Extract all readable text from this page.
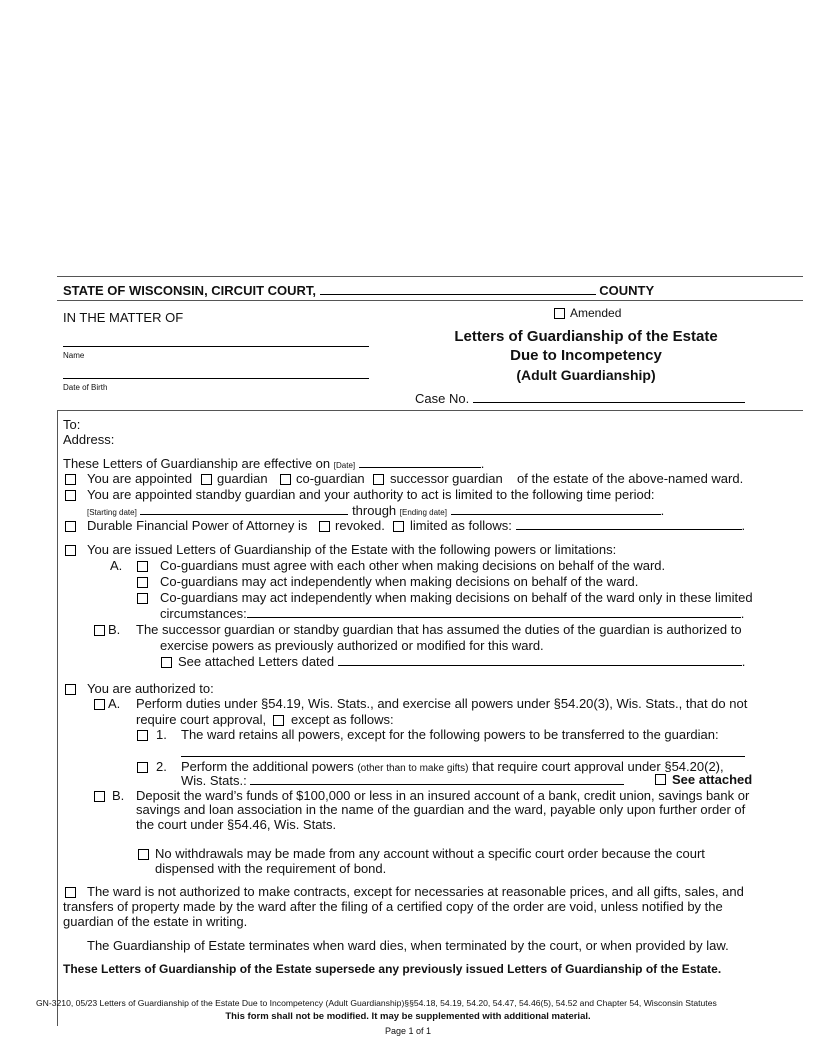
STATE OF WISCONSIN, CIRCUIT COURT,	COUNTY
IN THE MATTER OF
Name
Date of Birth
Amended
Letters of Guardianship of the Estate
Due to Incompetency
(Adult Guardianship)
Case No.
To:
Address:
These Letters of Guardianship are effective on [Date]	.
You are appointed guardian co-guardian successor guardian of the estate of the above-named ward.
You are appointed standby guardian and your authority to act is limited to the following time period:
[Starting date]	through [Ending date]	.
Durable Financial Power of Attorney is revoked. limited as follows:	.
You are issued Letters of Guardianship of the Estate with the following powers or limitations:
A.	Co-guardians must agree with each other when making decisions on behalf of the ward.
Co-guardians may act independently when making decisions on behalf of the ward.
Co-guardians may act independently when making decisions on behalf of the ward only in these limited
circumstances:	.
B. The successor guardian or standby guardian that has assumed the duties of the guardian is authorized to
exercise powers as previously authorized or modified for this ward.
See attached Letters dated	.
You are authorized to:
A. Perform duties under §54.19, Wis. Stats., and exercise all powers under §54.20(3), Wis. Stats., that do not
require court approval, except as follows:
1. The ward retains all powers, except for the following powers to be transferred to the guardian:
2. Perform the additional powers (other than to make gifts) that require court approval under §54.20(2),
Wis. Stats.:	See attached
B. Deposit the ward’s funds of $100,000 or less in an insured account of a bank, credit union, savings bank or
savings and loan association in the name of the guardian and the ward, payable only upon further order of
the court under §54.46, Wis. Stats.
No withdrawals may be made from any account without a specific court order because the court
dispensed with the requirement of bond.
The ward is not authorized to make contracts, except for necessaries at reasonable prices, and all gifts, sales, and
transfers of property made by the ward after the filing of a certified copy of the order are void, unless notified by the
guardian of the estate in writing.
The Guardianship of Estate terminates when ward dies, when terminated by the court, or when provided by law.
These Letters of Guardianship of the Estate supersede any previously issued Letters of Guardianship of the Estate.
GN-3210, 05/23 Letters of Guardianship of the Estate Due to Incompetency (Adult Guardianship)§§54.18, 54.19, 54.20, 54.47, 54.46(5), 54.52 and Chapter 54, Wisconsin Statutes
This form shall not be modified. It may be supplemented with additional material.
Page 1 of 1
